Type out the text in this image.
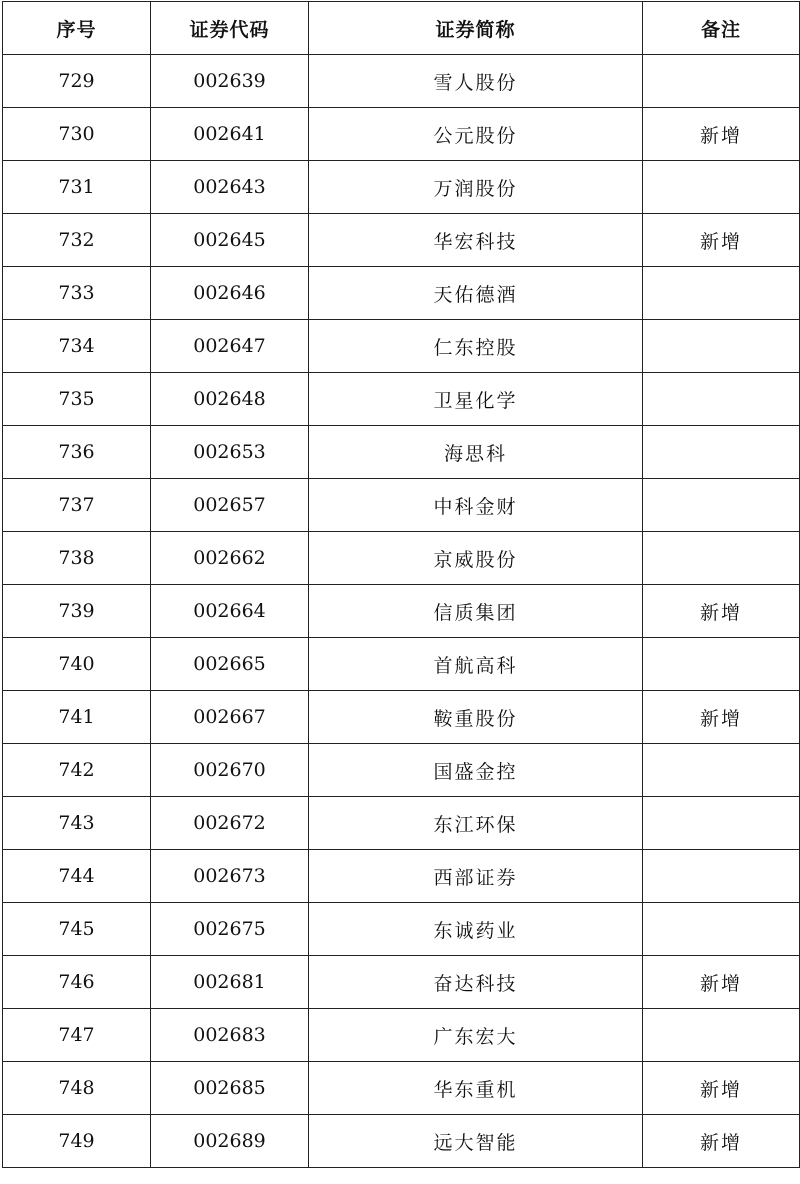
序号	证券代码	证券简称	备注
729	002639	雪人股份	
730	002641	公元股份	新增
731	002643	万润股份	
732	002645	华宏科技	新增
733	002646	天佑德酒	
734	002647	仁东控股	
735	002648	卫星化学	
736	002653	海思科	
737	002657	中科金财	
738	002662	京威股份	
739	002664	信质集团	新增
740	002665	首航高科	
741	002667	鞍重股份	新增
742	002670	国盛金控	
743	002672	东江环保	
744	002673	西部证券	
745	002675	东诚药业	
746	002681	奋达科技	新增
747	002683	广东宏大	
748	002685	华东重机	新增
749	002689	远大智能	新增
